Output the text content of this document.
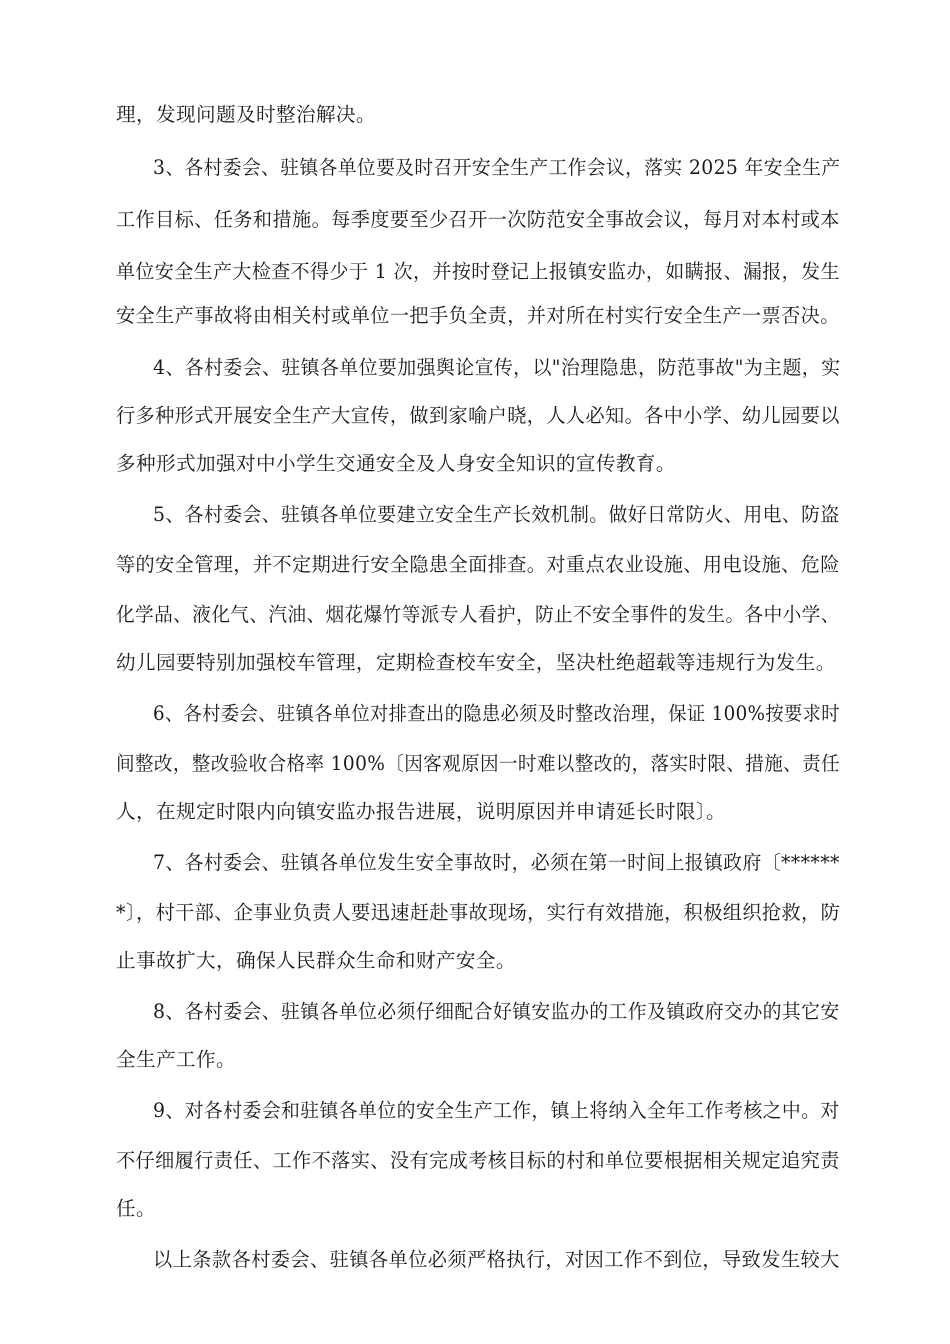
理，发现问题及时整治解决。
3、各村委会、驻镇各单位要及时召开安全生产工作会议，落实 2025 年安全生产
工作目标、任务和措施。每季度要至少召开一次防范安全事故会议，每月对本村或本
单位安全生产大检查不得少于 1 次，并按时登记上报镇安监办，如瞒报、漏报，发生
安全生产事故将由相关村或单位一把手负全责，并对所在村实行安全生产一票否决。
4、各村委会、驻镇各单位要加强舆论宣传，以"治理隐患，防范事故"为主题，实
行多种形式开展安全生产大宣传，做到家喻户晓，人人必知。各中小学、幼儿园要以
多种形式加强对中小学生交通安全及人身安全知识的宣传教育。
5、各村委会、驻镇各单位要建立安全生产长效机制。做好日常防火、用电、防盗
等的安全管理，并不定期进行安全隐患全面排查。对重点农业设施、用电设施、危险
化学品、液化气、汽油、烟花爆竹等派专人看护，防止不安全事件的发生。各中小学、
幼儿园要特别加强校车管理，定期检查校车安全，坚决杜绝超载等违规行为发生。
6、各村委会、驻镇各单位对排查出的隐患必须及时整改治理，保证 100%按要求时
间整改，整改验收合格率 100%〔因客观原因一时难以整改的，落实时限、措施、责任
人，在规定时限内向镇安监办报告进展，说明原因并申请延长时限〕。
7、各村委会、驻镇各单位发生安全事故时，必须在第一时间上报镇政府〔******
*〕，村干部、企事业负责人要迅速赶赴事故现场，实行有效措施，积极组织抢救，防
止事故扩大，确保人民群众生命和财产安全。
8、各村委会、驻镇各单位必须仔细配合好镇安监办的工作及镇政府交办的其它安
全生产工作。
9、对各村委会和驻镇各单位的安全生产工作，镇上将纳入全年工作考核之中。对
不仔细履行责任、工作不落实、没有完成考核目标的村和单位要根据相关规定追究责
任。
以上条款各村委会、驻镇各单位必须严格执行，对因工作不到位，导致发生较大
